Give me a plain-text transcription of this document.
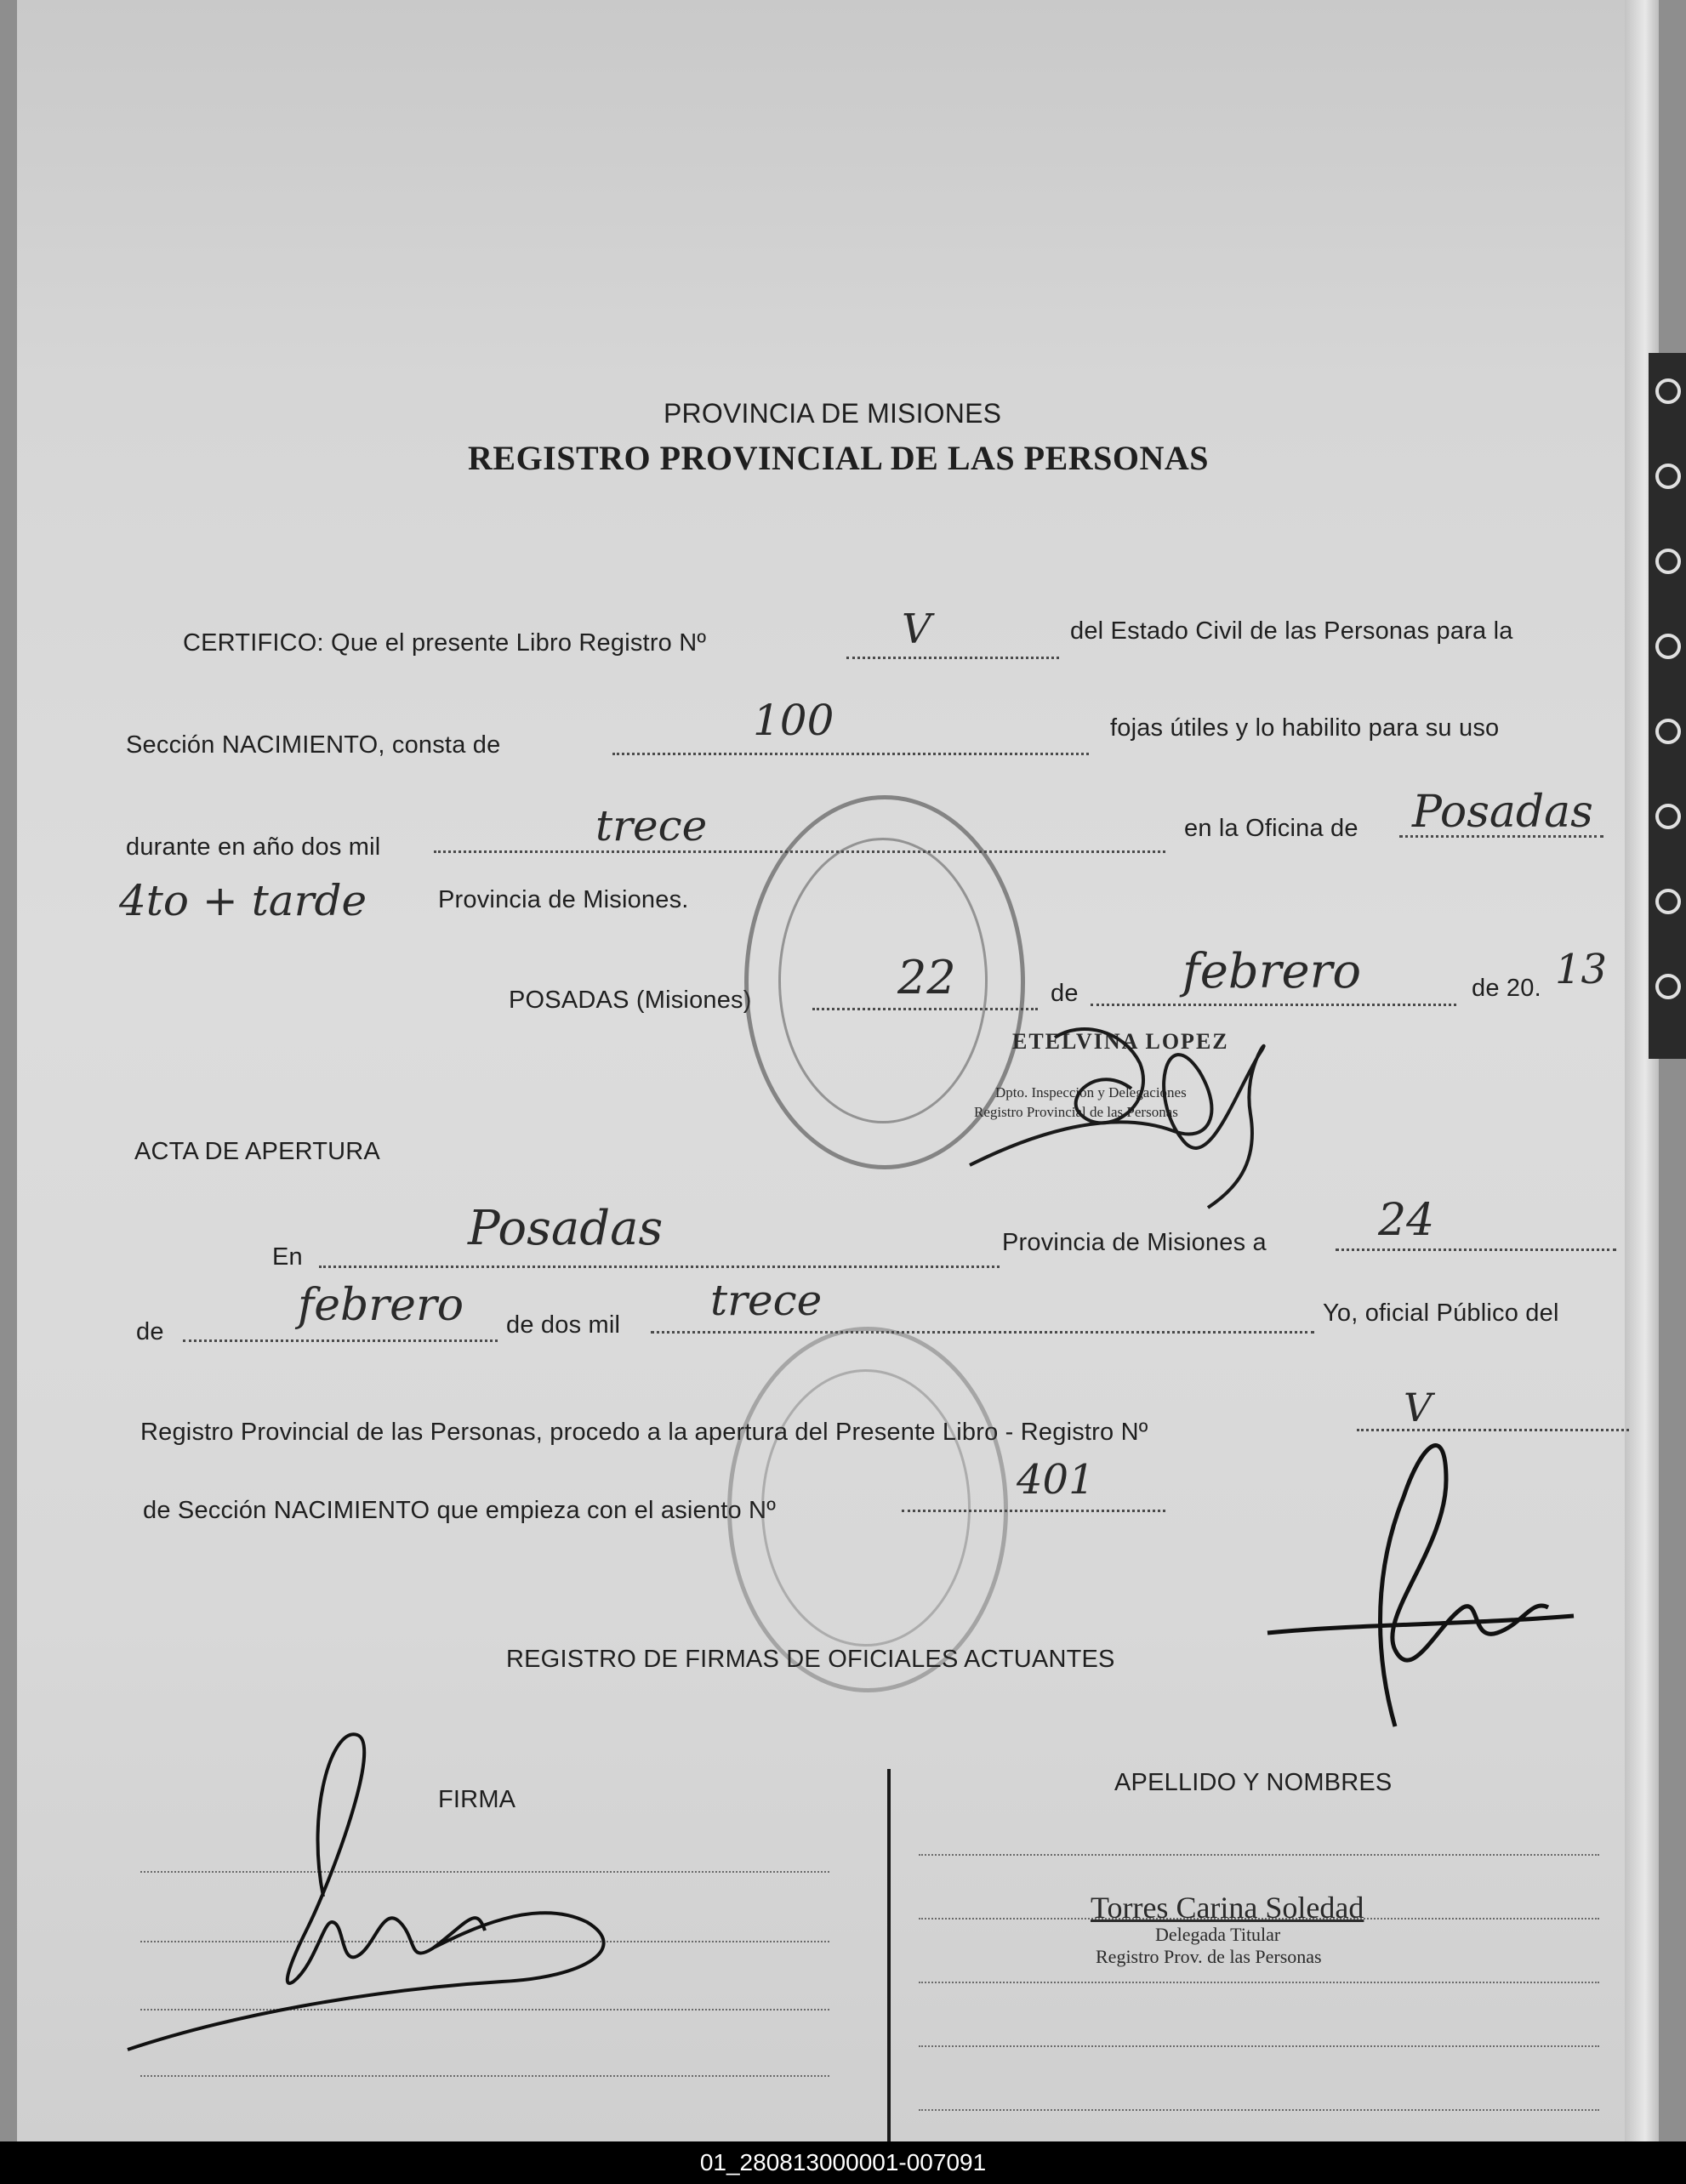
PROVINCIA DE MISIONES
REGISTRO PROVINCIAL DE LAS PERSONAS
CERTIFICO: Que el presente Libro Registro Nº	V	del Estado Civil de las Personas para la
Sección NACIMIENTO, consta de	100	fojas útiles y lo habilito para su uso
durante en año dos mil	trece	en la Oficina de Posadas
4to + tarde	Provincia de Misiones.
POSADAS (Misiones)	22	de febrero	de 20. 13
ETELVINA LOPEZ
Dpto. Inspección y Delegaciones
Registro Provincial de las Personas
ACTA DE APERTURA
En
Posadas	Provincia de Misiones a	24
de
febrero de dos mil trece	Yo, oficial Público del
Registro Provincial de las Personas, procedo a la apertura del Presente Libro - Registro Nº
V
de Sección NACIMIENTO que empieza con el asiento Nº
401
REGISTRO DE FIRMAS DE OFICIALES ACTUANTES
FIRMA
APELLIDO Y NOMBRES
Torres Carina Soledad
Delegada Titular
Registro Prov. de las Personas
01_280813000001-007091
